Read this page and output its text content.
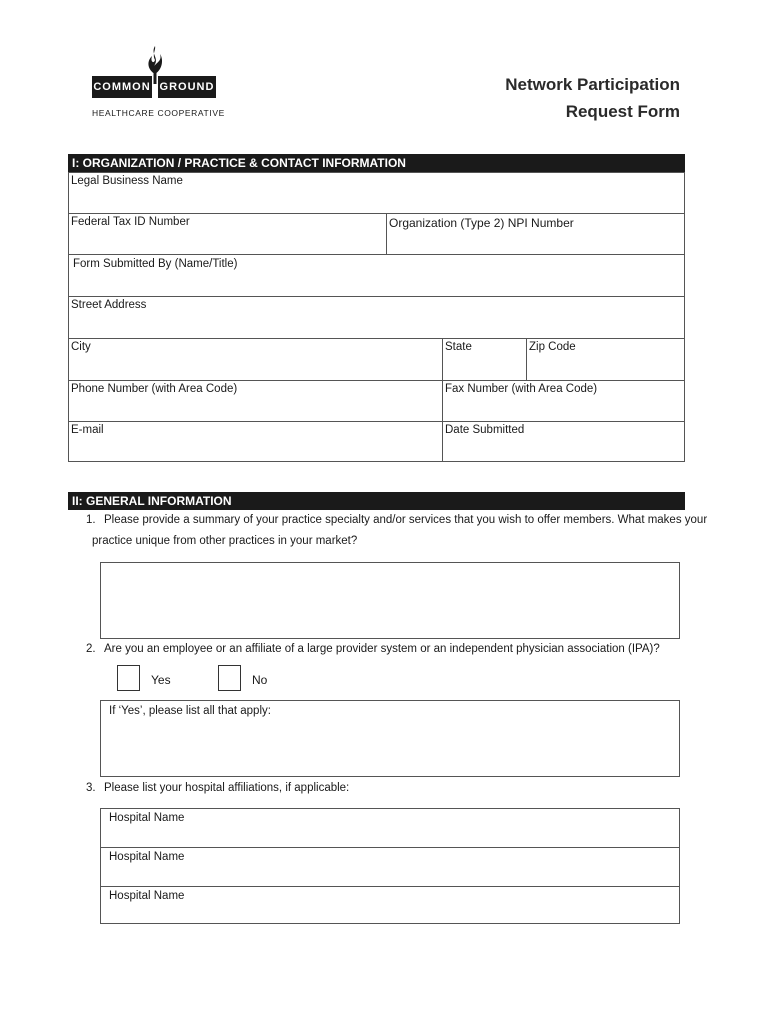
COMMON GROUND
HEALTHCARE COOPERATIVE
Network Participation
Request Form
I: ORGANIZATION / PRACTICE & CONTACT INFORMATION
Legal Business Name
Federal Tax ID Number	Organization (Type 2) NPI Number
Form Submitted By (Name/Title)
Street Address
City	State	Zip Code
Phone Number (with Area Code)	Fax Number (with Area Code)
E-mail	Date Submitted
II: GENERAL INFORMATION
1. Please provide a summary of your practice specialty and/or services that you wish to offer members. What makes your
practice unique from other practices in your market?
2. Are you an employee or an affiliate of a large provider system or an independent physician association (IPA)?
Yes	No
If ‘Yes’, please list all that apply:
3. Please list your hospital affiliations, if applicable:
Hospital Name
Hospital Name
Hospital Name
